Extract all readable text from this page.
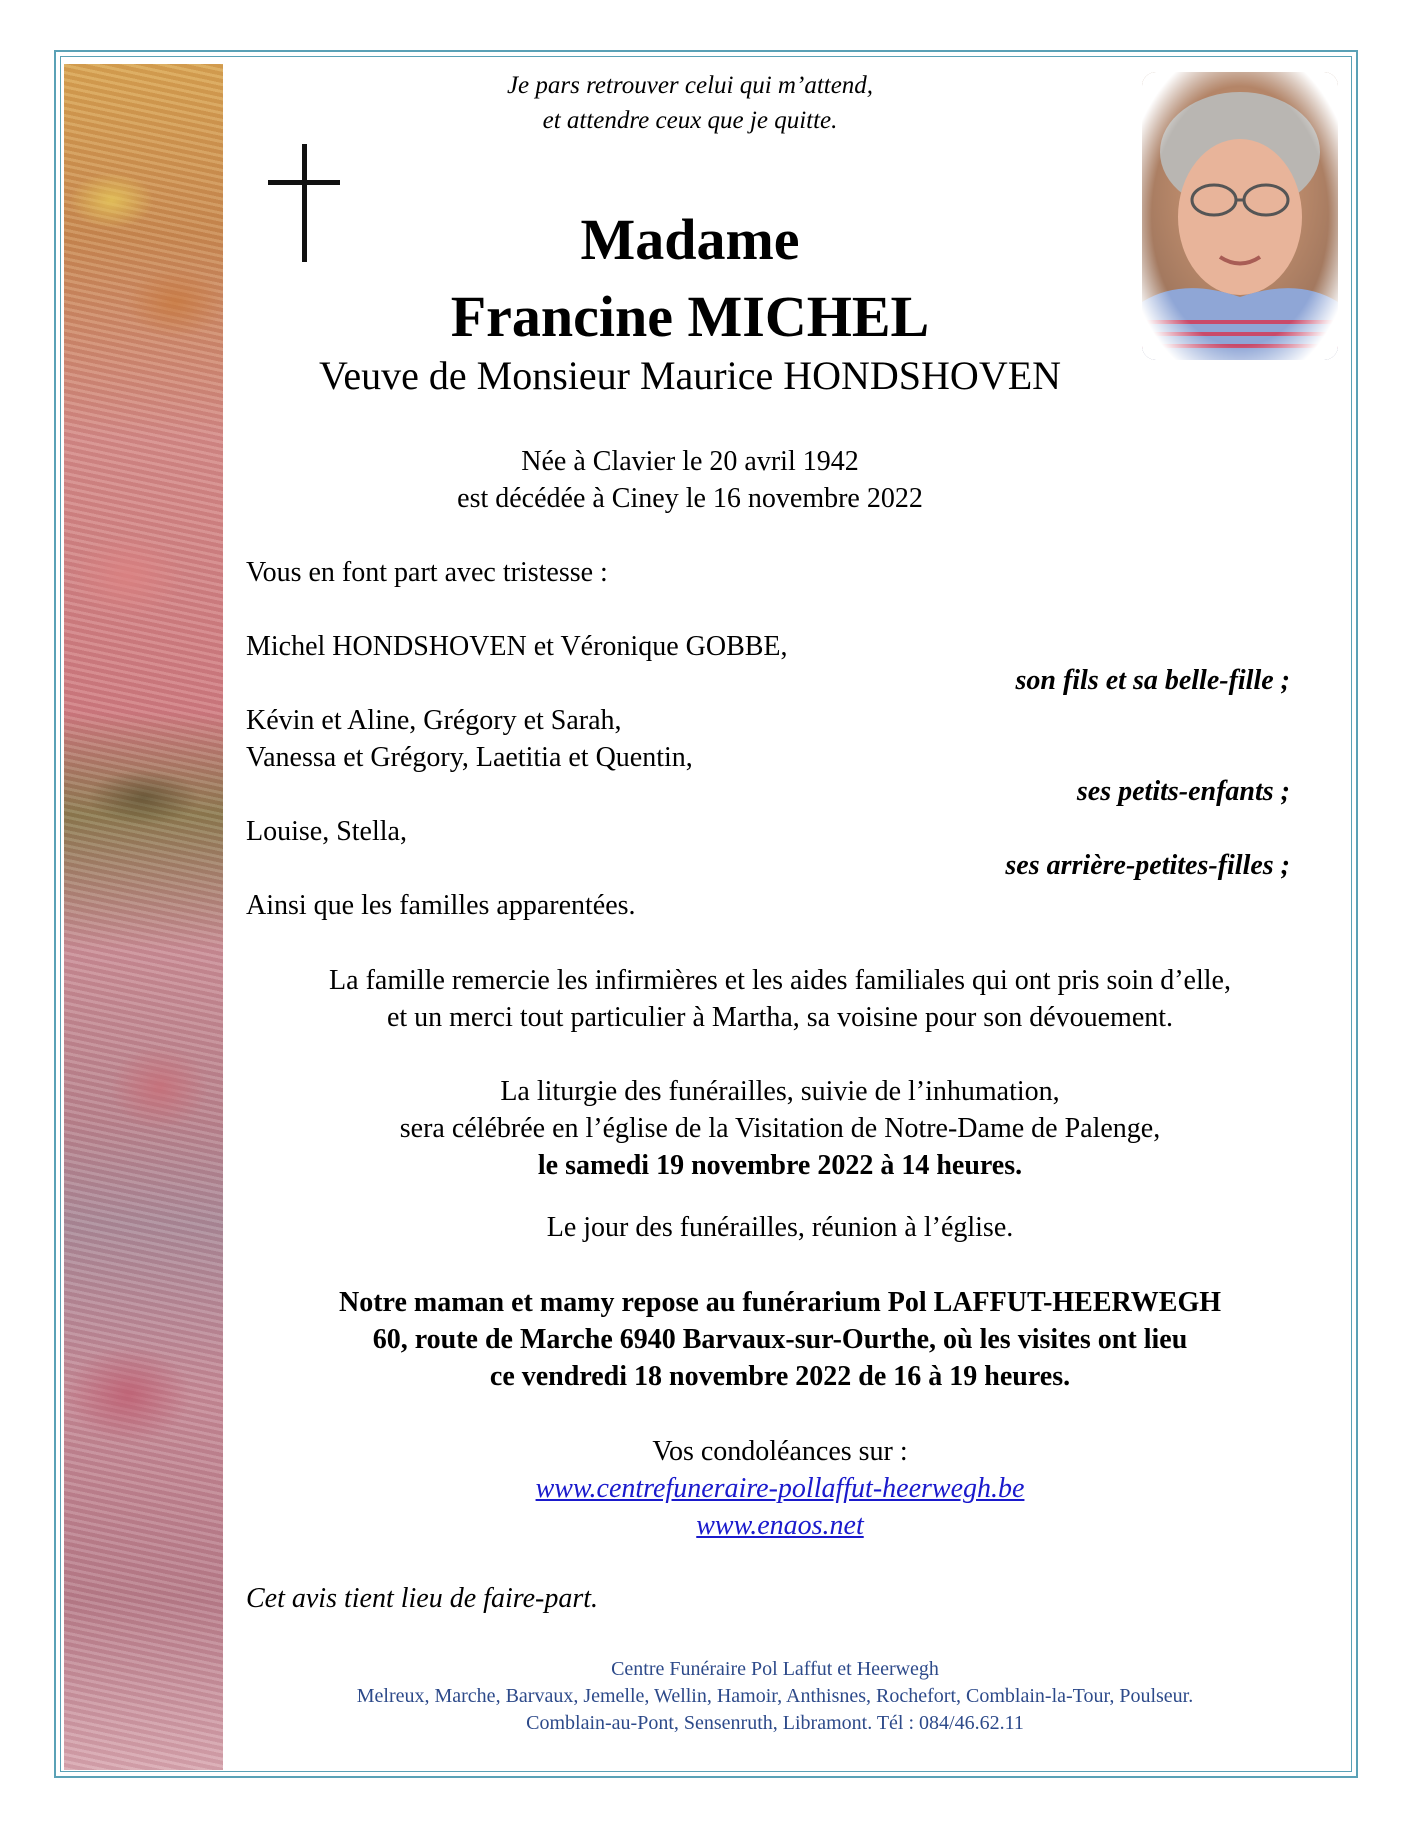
Je pars retrouver celui qui m’attend,
et attendre ceux que je quitte.
Madame
Francine MICHEL
Veuve de Monsieur Maurice HONDSHOVEN
Née à Clavier le 20 avril 1942
est décédée à Ciney le 16 novembre 2022
Vous en font part avec tristesse :
Michel HONDSHOVEN et Véronique GOBBE,
son fils et sa belle-fille ;
Kévin et Aline, Grégory et Sarah,
Vanessa et Grégory, Laetitia et Quentin,
ses petits-enfants ;
Louise, Stella,
ses arrière-petites-filles ;
Ainsi que les familles apparentées.
La famille remercie les infirmières et les aides familiales qui ont pris soin d’elle,
et un merci tout particulier à Martha, sa voisine pour son dévouement.
La liturgie des funérailles, suivie de l’inhumation,
sera célébrée en l’église de la Visitation de Notre-Dame de Palenge,
le samedi 19 novembre 2022 à 14 heures.
Le jour des funérailles, réunion à l’église.
Notre maman et mamy repose au funérarium Pol LAFFUT-HEERWEGH
60, route de Marche 6940 Barvaux-sur-Ourthe, où les visites ont lieu
ce vendredi 18 novembre 2022 de 16 à 19 heures.
Vos condoléances sur :
www.centrefuneraire-pollaffut-heerwegh.be
www.enaos.net
Cet avis tient lieu de faire-part.
Centre Funéraire Pol Laffut et Heerwegh
Melreux, Marche, Barvaux, Jemelle, Wellin, Hamoir, Anthisnes, Rochefort, Comblain-la-Tour, Poulseur.
Comblain-au-Pont, Sensenruth, Libramont. Tél : 084/46.62.11
